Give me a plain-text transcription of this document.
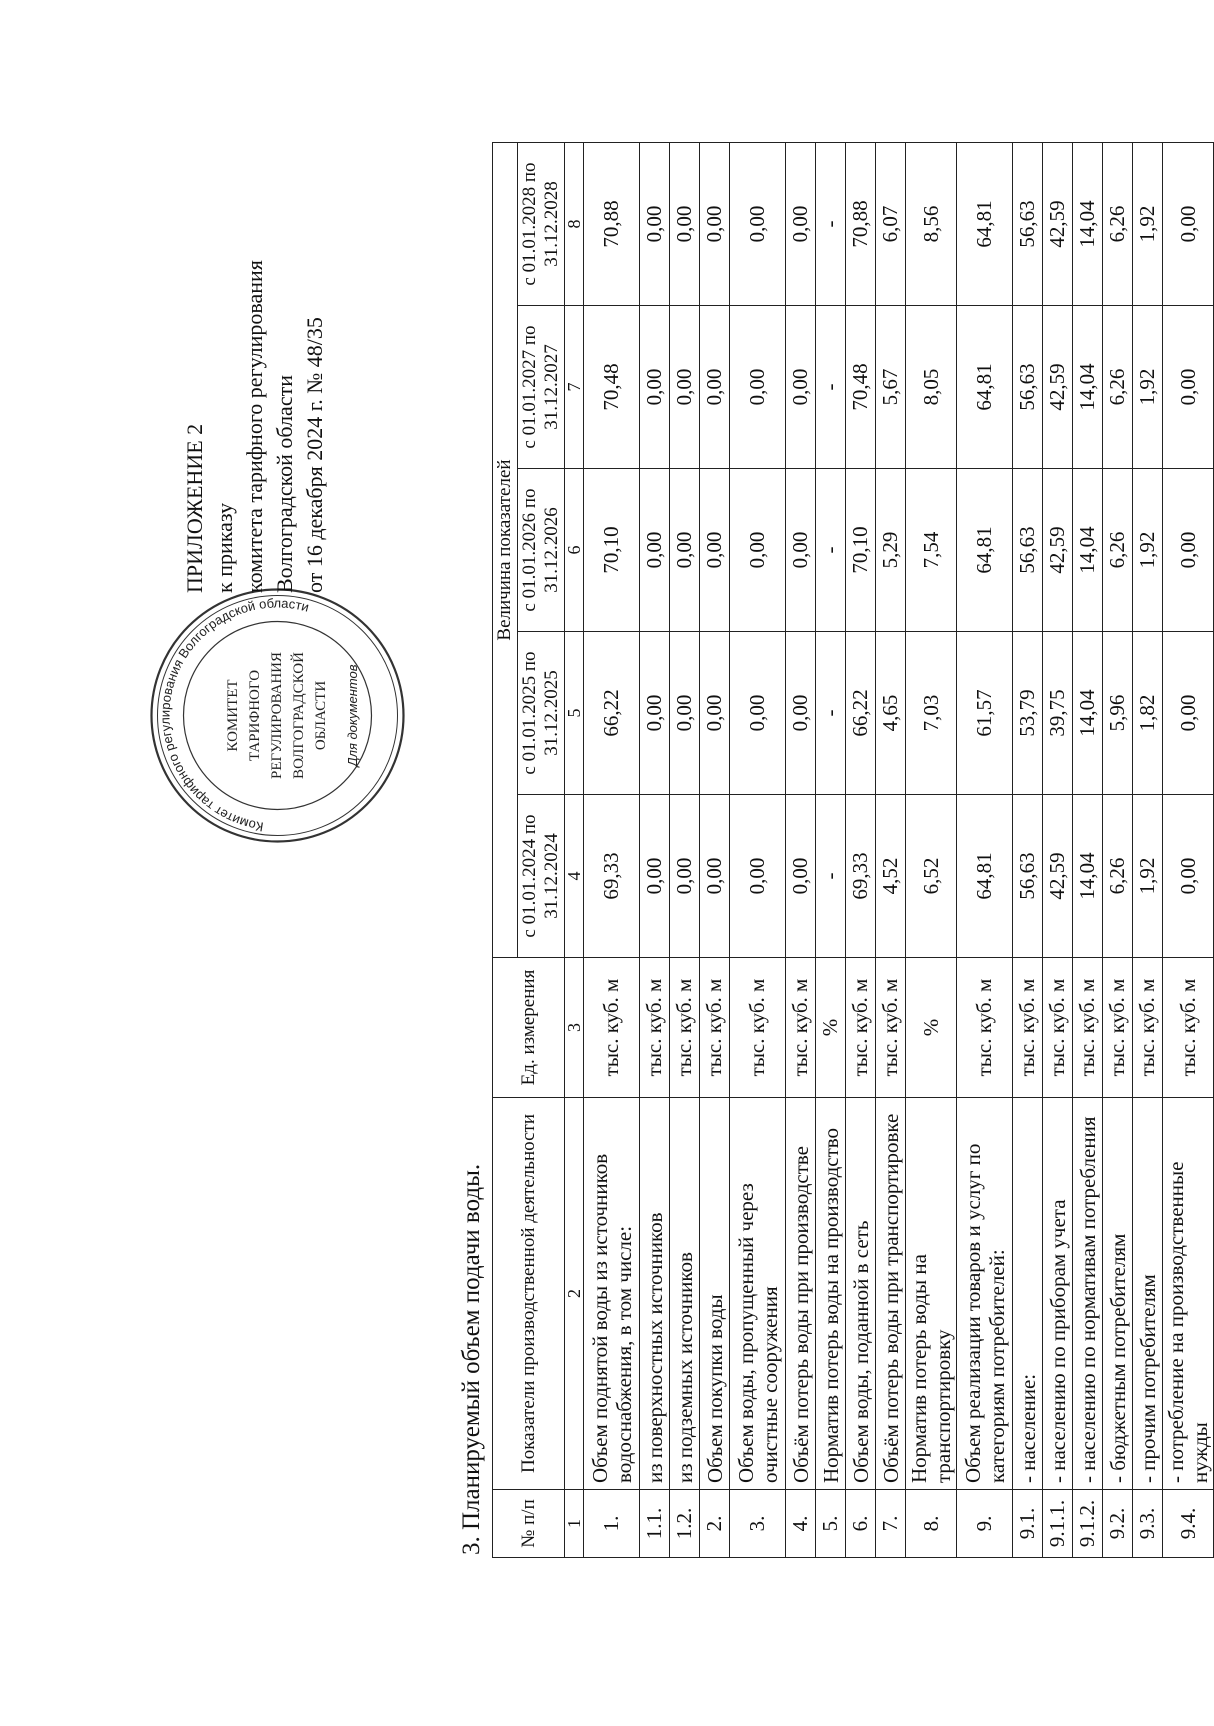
Комитет тарифного регулирования Волгоградской области
КОМИТЕТ ТАРИФНОГО РЕГУЛИРОВАНИЯ ВОЛГОГРАДСКОЙ ОБЛАСТИ Для документов
ПРИЛОЖЕНИЕ 2 к приказу комитета тарифного регулирования Волгоградской области от 16 декабря 2024 г. № 48/35
3. Планируемый объем подачи воды. № п/п	Показатели производственной деятельности	Ед. измерения	Величина показателей				
			с 01.01.2024 по 31.12.2024	с 01.01.2025 по 31.12.2025	с 01.01.2026 по 31.12.2026	с 01.01.2027 по 31.12.2027	с 01.01.2028 по 31.12.2028
1	2	3	4	5	6	7	8
1.	Объем поднятой воды из источников водоснабжения, в том числе:	тыс. куб. м	69,33	66,22	70,10	70,48	70,88
1.1.	из поверхностных источников	тыс. куб. м	0,00	0,00	0,00	0,00	0,00
1.2.	из подземных источников	тыс. куб. м	0,00	0,00	0,00	0,00	0,00
2.	Объем покупки воды	тыс. куб. м	0,00	0,00	0,00	0,00	0,00
3.	Объем воды, пропущенный через очистные сооружения	тыс. куб. м	0,00	0,00	0,00	0,00	0,00
4.	Объём потерь воды при производстве	тыс. куб. м	0,00	0,00	0,00	0,00	0,00
5.	Норматив потерь воды на производство	%	-	-	-	-	-
6.	Объем воды, поданной в сеть	тыс. куб. м	69,33	66,22	70,10	70,48	70,88
7.	Объём потерь воды при транспортировке	тыс. куб. м	4,52	4,65	5,29	5,67	6,07
8.	Норматив потерь воды на транспортировку	%	6,52	7,03	7,54	8,05	8,56
9.	Объем реализации товаров и услуг по категориям потребителей:	тыс. куб. м	64,81	61,57	64,81	64,81	64,81
9.1.	- население:	тыс. куб. м	56,63	53,79	56,63	56,63	56,63
9.1.1.	- населению по приборам учета	тыс. куб. м	42,59	39,75	42,59	42,59	42,59
9.1.2.	- населению по нормативам потребления	тыс. куб. м	14,04	14,04	14,04	14,04	14,04
9.2.	- бюджетным потребителям	тыс. куб. м	6,26	5,96	6,26	6,26	6,26
9.3.	- прочим потребителям	тыс. куб. м	1,92	1,82	1,92	1,92	1,92
9.4.	- потребление на производственные нужды	тыс. куб. м	0,00	0,00	0,00	0,00	0,00
